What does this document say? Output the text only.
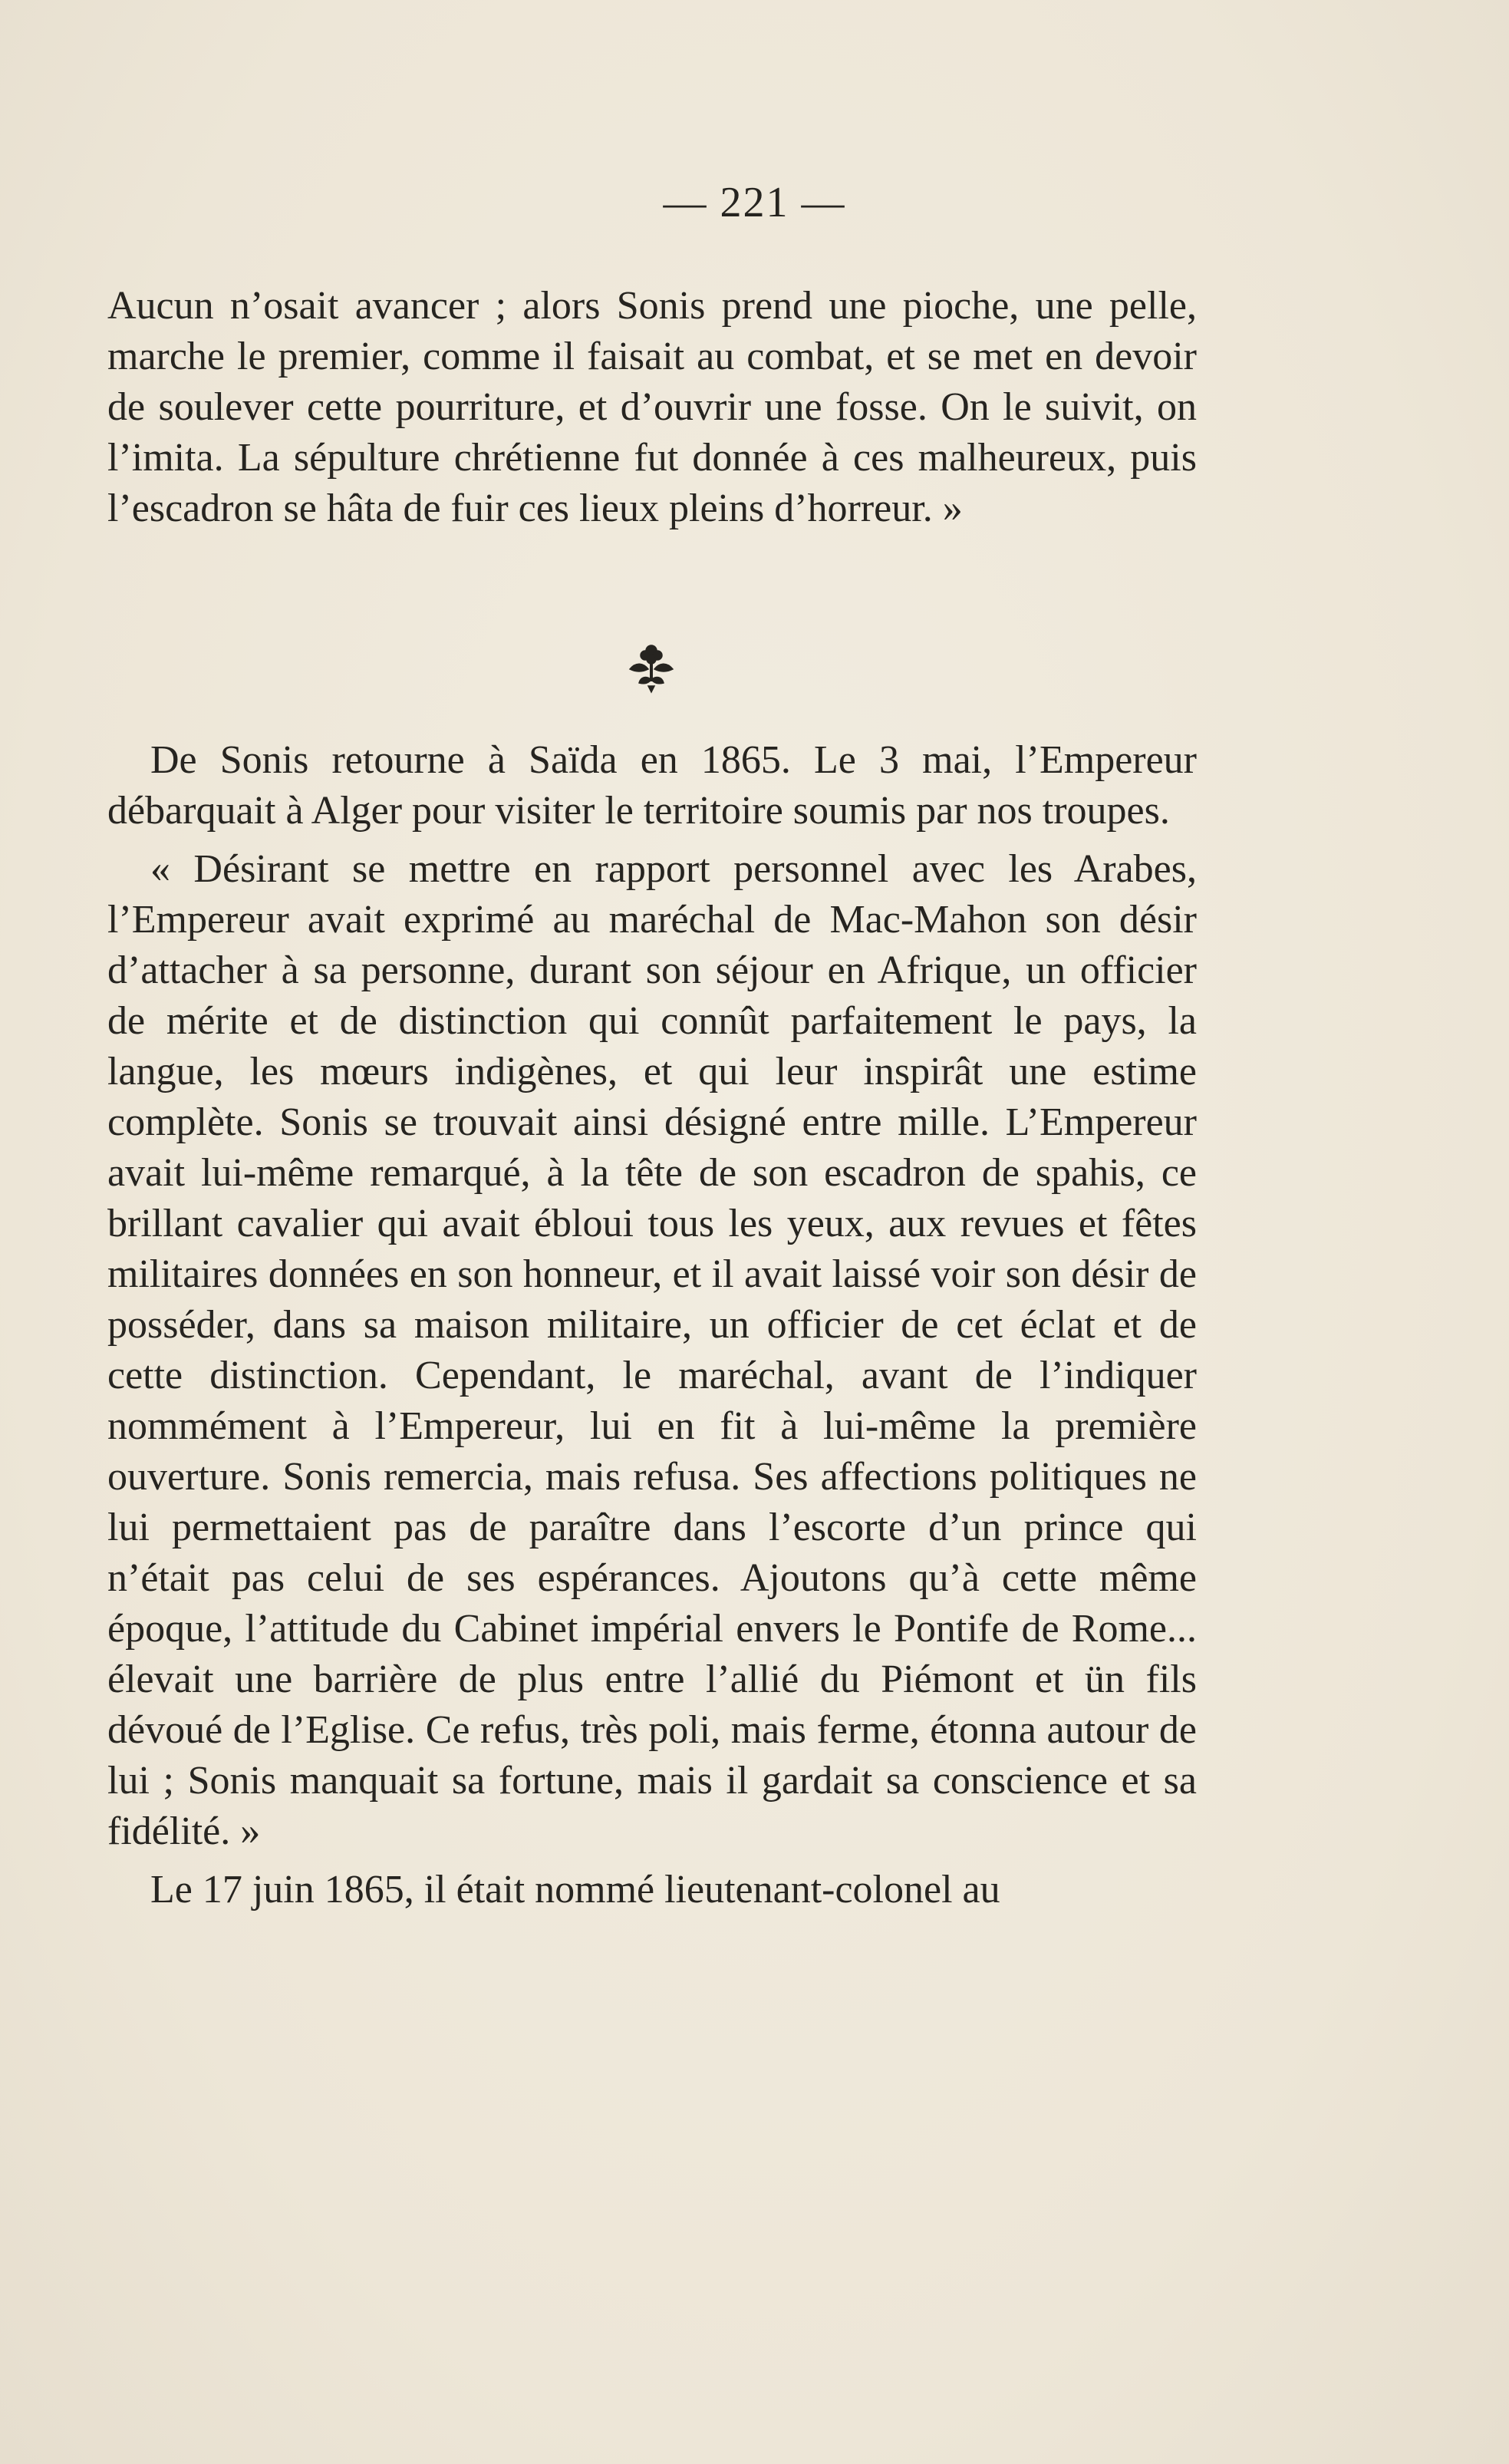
— 221 —

Aucun n’osait avancer ; alors Sonis prend une pioche, une pelle, marche le premier, comme il faisait au combat, et se met en devoir de soulever cette pourriture, et d’ouvrir une fosse. On le suivit, on l’imita. La sépulture chrétienne fut donnée à ces malheureux, puis l’escadron se hâta de fuir ces lieux pleins d’horreur. »

De Sonis retourne à Saïda en 1865. Le 3 mai, l’Empereur débarquait à Alger pour visiter le territoire soumis par nos troupes.

« Désirant se mettre en rapport personnel avec les Arabes, l’Empereur avait exprimé au maréchal de Mac-Mahon son désir d’attacher à sa personne, durant son séjour en Afrique, un officier de mérite et de distinction qui connût parfaitement le pays, la langue, les mœurs indigènes, et qui leur inspirât une estime complète. Sonis se trouvait ainsi désigné entre mille. L’Empereur avait lui-même remarqué, à la tête de son escadron de spahis, ce brillant cavalier qui avait ébloui tous les yeux, aux revues et fêtes militaires données en son honneur, et il avait laissé voir son désir de posséder, dans sa maison militaire, un officier de cet éclat et de cette distinction. Cependant, le maréchal, avant de l’indiquer nommément à l’Empereur, lui en fit à lui-même la première ouverture. Sonis remercia, mais refusa. Ses affections politiques ne lui permettaient pas de paraître dans l’escorte d’un prince qui n’était pas celui de ses espérances. Ajoutons qu’à cette même époque, l’attitude du Cabinet impérial envers le Pontife de Rome... élevait une barrière de plus entre l’allié du Piémont et ün fils dévoué de l’Eglise. Ce refus, très poli, mais ferme, étonna autour de lui ; Sonis manquait sa fortune, mais il gardait sa conscience et sa fidélité. »

Le 17 juin 1865, il était nommé lieutenant-colonel au
